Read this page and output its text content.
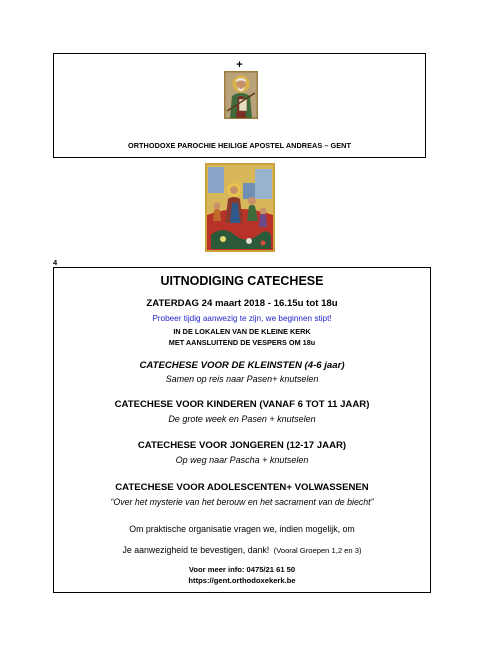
+
ORTHODOXE PAROCHIE HEILIGE APOSTEL ANDREAS – GENT
4
UITNODIGING CATECHESE
ZATERDAG 24 maart 2018 - 16.15u tot 18u
Probeer tijdig aanwezig te zijn, we beginnen stipt!
IN DE LOKALEN VAN DE KLEINE KERK
MET AANSLUITEND DE VESPERS OM 18u
CATECHESE VOOR DE KLEINSTEN (4-6 jaar)
Samen op reis naar Pasen+ knutselen
CATECHESE VOOR KINDEREN (VANAF 6 TOT 11 JAAR)
De grote week en Pasen + knutselen
CATECHESE VOOR JONGEREN (12-17 JAAR)
Op weg naar Pascha + knutselen
CATECHESE VOOR ADOLESCENTEN+ VOLWASSENEN
“Over het mysterie van het berouw en het sacrament van de biecht”
Om praktische organisatie vragen we, indien mogelijk, om
Je aanwezigheid te bevestigen, dank! (Vooral Groepen 1,2 en 3)
Voor meer info: 0475/21 61 50
https://gent.orthodoxekerk.be
